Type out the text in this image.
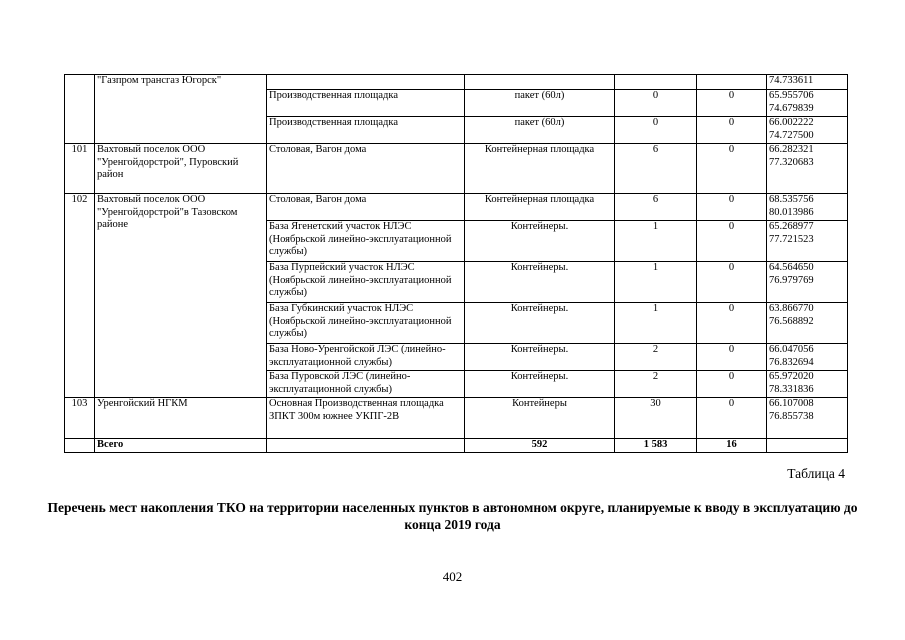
	"Газпром трансгаз Югорск"					74.733611
		Производственная площадка	пакет (60л)	0	0	65.955706
74.679839
		Производственная площадка	пакет (60л)	0	0	66.002222
74.727500
101	Вахтовый поселок ООО "Уренгойдорстрой", Пуровский район	Столовая, Вагон дома	Контейнерная площадка	6	0	66.282321
77.320683
102	Вахтовый поселок ООО "Уренгойдорстрой"в Тазовском районе	Столовая, Вагон дома	Контейнерная площадка	6	0	68.535756
80.013986
		База Ягенетский участок НЛЭС (Ноябрьской линейно-эксплуатационной службы)	Контейнеры.	1	0	65.268977
77.721523
		База Пурпейский участок НЛЭС (Ноябрьской линейно-эксплуатационной службы)	Контейнеры.	1	0	64.564650
76.979769
		База Губкинский участок НЛЭС (Ноябрьской линейно-эксплуатационной службы)	Контейнеры.	1	0	63.866770
76.568892
		База Ново-Уренгойской ЛЭС (линейно-эксплуатационной службы)	Контейнеры.	2	0	66.047056
76.832694
		База Пуровской ЛЭС (линейно-эксплуатационной службы)	Контейнеры.	2	0	65.972020
78.331836
103	Уренгойский НГКМ	Основная Производственная площадка ЗПКТ 300м южнее УКПГ-2В	Контейнеры	30	0	66.107008
76.855738
	Всего		592	1 583	16	
Таблица 4
Перечень мест накопления ТКО на территории населенных пунктов в автономном округе, планируемые к вводу в эксплуатацию до конца 2019 года
402
